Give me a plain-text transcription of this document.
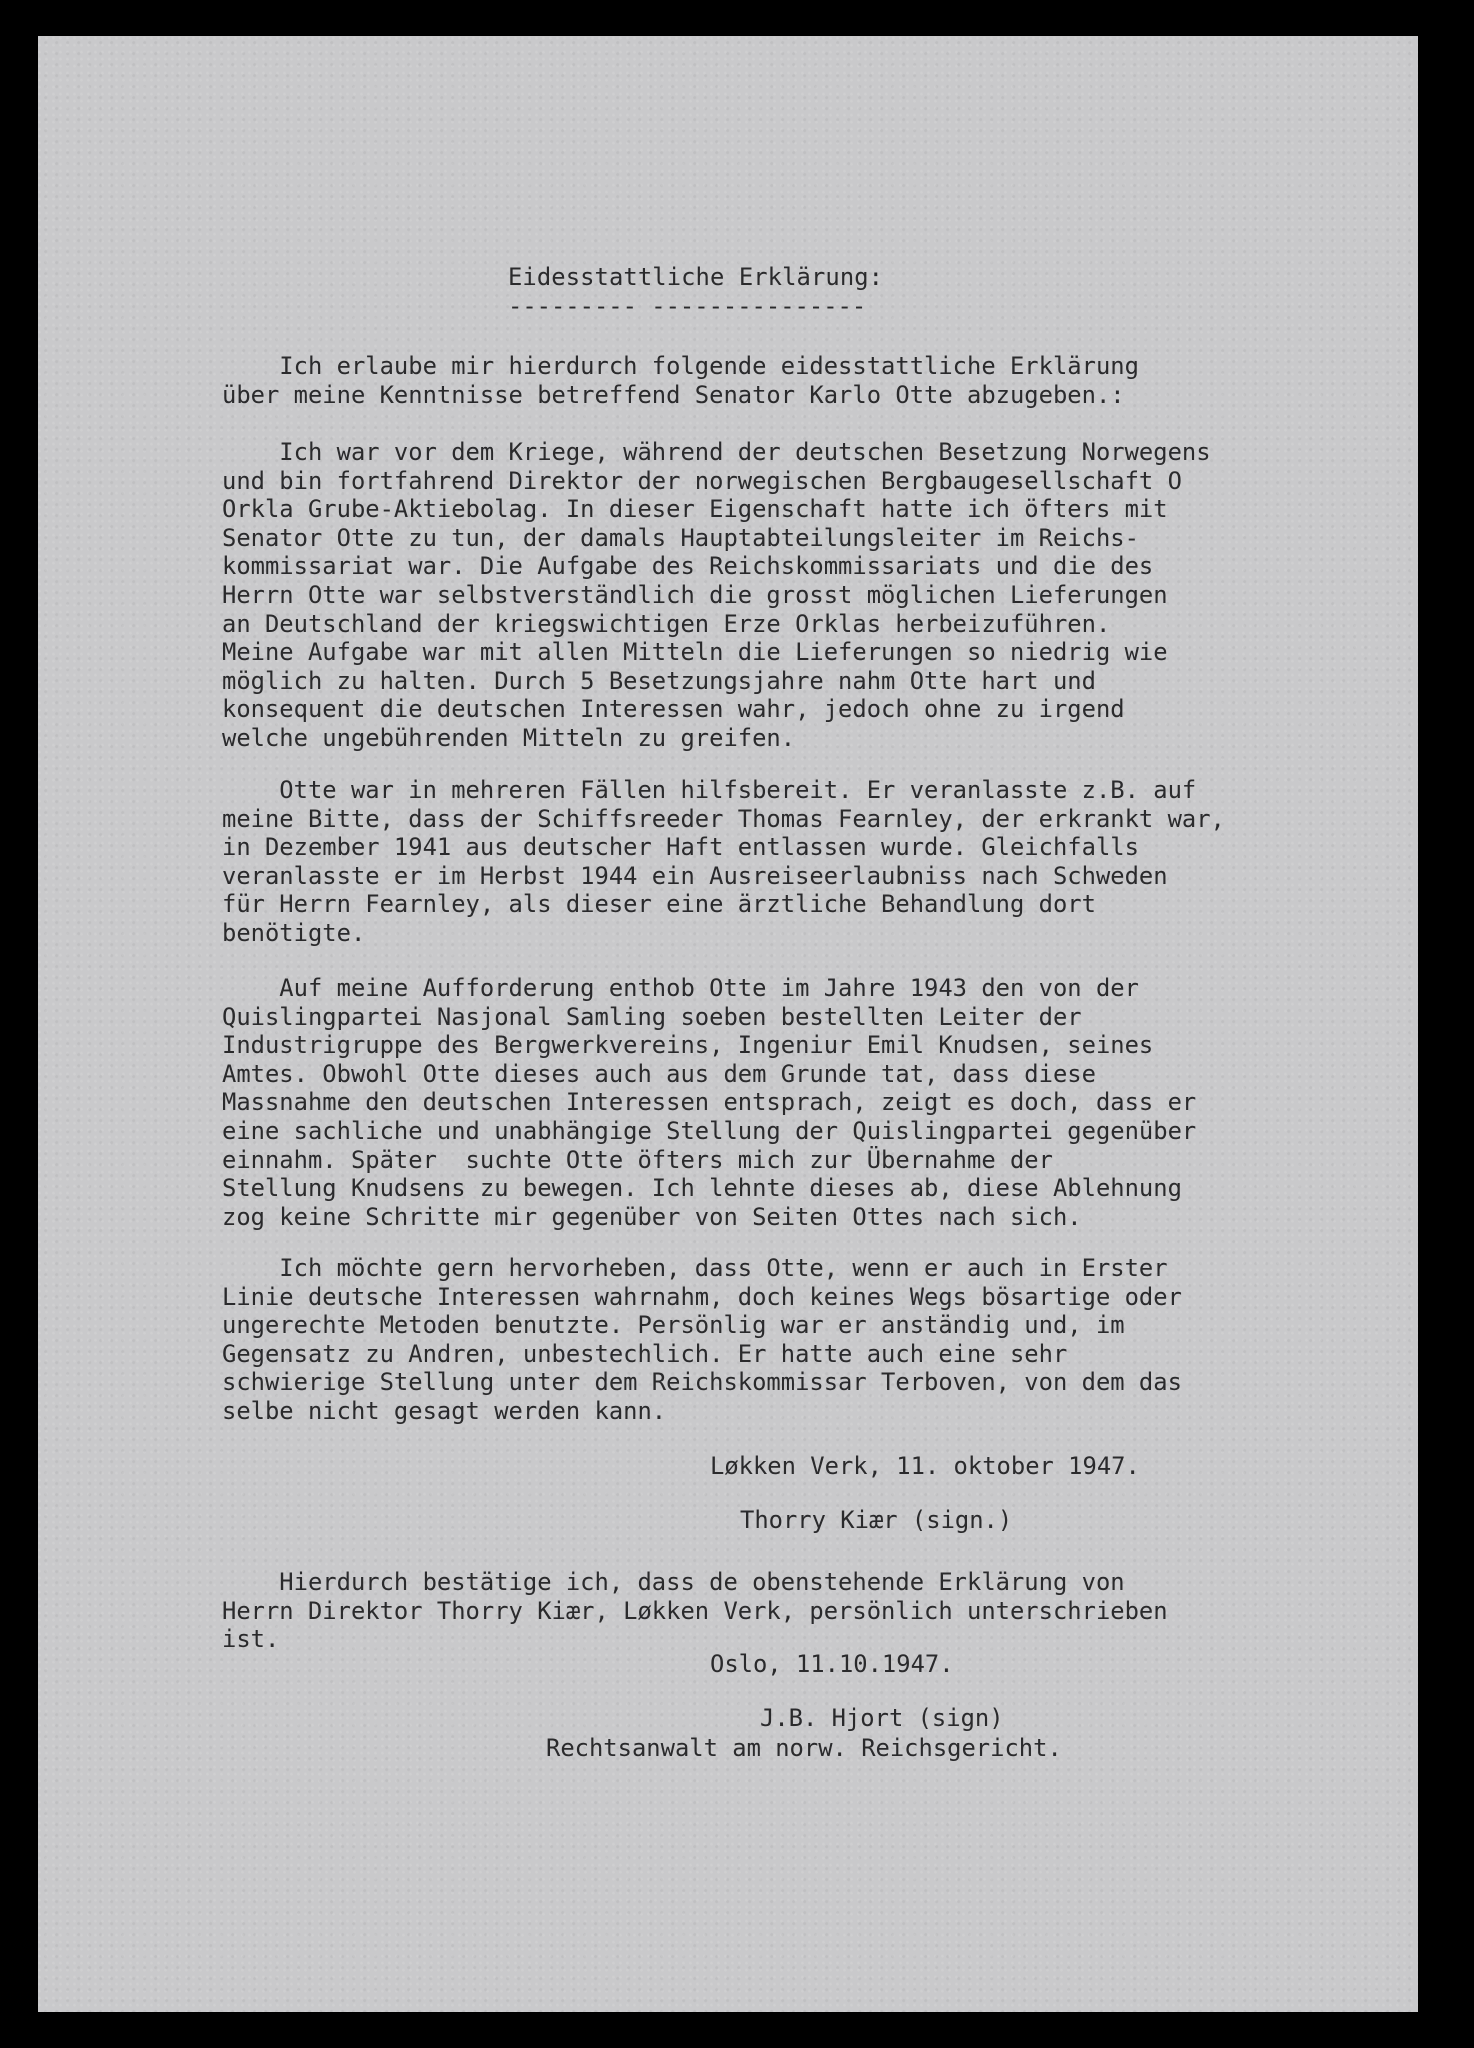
Eidesstattliche Erklärung:
--------- ---------------
Ich erlaube mir hierdurch folgende eidesstattliche Erklärung
über meine Kenntnisse betreffend Senator Karlo Otte abzugeben.:
Ich war vor dem Kriege, während der deutschen Besetzung Norwegens
und bin fortfahrend Direktor der norwegischen Bergbaugesellschaft O
Orkla Grube-Aktiebolag. In dieser Eigenschaft hatte ich öfters mit
Senator Otte zu tun, der damals Hauptabteilungsleiter im Reichs-
kommissariat war. Die Aufgabe des Reichskommissariats und die des
Herrn Otte war selbstverständlich die grosst möglichen Lieferungen
an Deutschland der kriegswichtigen Erze Orklas herbeizuführen.
Meine Aufgabe war mit allen Mitteln die Lieferungen so niedrig wie
möglich zu halten. Durch 5 Besetzungsjahre nahm Otte hart und
konsequent die deutschen Interessen wahr, jedoch ohne zu irgend
welche ungebührenden Mitteln zu greifen.
Otte war in mehreren Fällen hilfsbereit. Er veranlasste z.B. auf
meine Bitte, dass der Schiffsreeder Thomas Fearnley, der erkrankt war,
in Dezember 1941 aus deutscher Haft entlassen wurde. Gleichfalls
veranlasste er im Herbst 1944 ein Ausreiseerlaubniss nach Schweden
für Herrn Fearnley, als dieser eine ärztliche Behandlung dort
benötigte.
Auf meine Aufforderung enthob Otte im Jahre 1943 den von der
Quislingpartei Nasjonal Samling soeben bestellten Leiter der
Industrigruppe des Bergwerkvereins, Ingeniur Emil Knudsen, seines
Amtes. Obwohl Otte dieses auch aus dem Grunde tat, dass diese
Massnahme den deutschen Interessen entsprach, zeigt es doch, dass er
eine sachliche und unabhängige Stellung der Quislingpartei gegenüber
einnahm. Später  suchte Otte öfters mich zur Übernahme der
Stellung Knudsens zu bewegen. Ich lehnte dieses ab, diese Ablehnung
zog keine Schritte mir gegenüber von Seiten Ottes nach sich.
Ich möchte gern hervorheben, dass Otte, wenn er auch in Erster
Linie deutsche Interessen wahrnahm, doch keines Wegs bösartige oder
ungerechte Metoden benutzte. Persönlig war er anständig und, im
Gegensatz zu Andren, unbestechlich. Er hatte auch eine sehr
schwierige Stellung unter dem Reichskommissar Terboven, von dem das
selbe nicht gesagt werden kann.
Løkken Verk, 11. oktober 1947.
Thorry Kiær (sign.)
Hierdurch bestätige ich, dass de obenstehende Erklärung von
Herrn Direktor Thorry Kiær, Løkken Verk, persönlich unterschrieben
ist.
Oslo, 11.10.1947.
J.B. Hjort (sign)
Rechtsanwalt am norw. Reichsgericht.
